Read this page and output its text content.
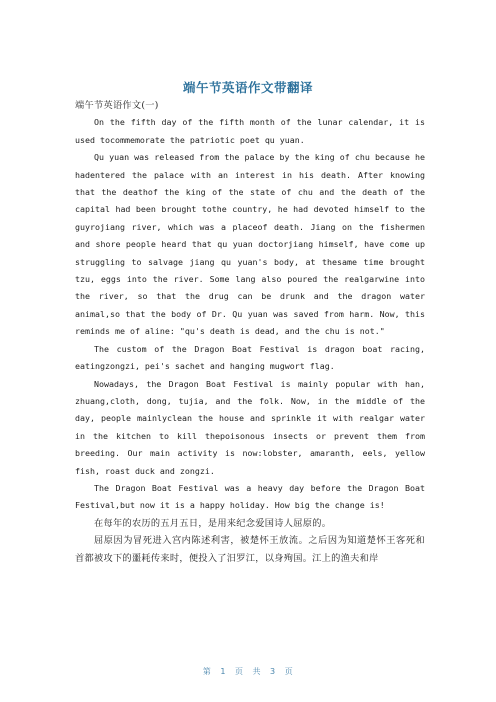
端午节英语作文带翻译

端午节英语作文(一)

On the fifth day of the fifth month of the lunar calendar, it is used tocommemorate the patriotic poet qu yuan.

Qu yuan was released from the palace by the king of chu because he hadentered the palace with an interest in his death. After knowing that the deathof the king of the state of chu and the death of the capital had been brought tothe country, he had devoted himself to the guyrojiang river, which was a placeof death. Jiang on the fishermen and shore people heard that qu yuan doctorjiang himself, have come up struggling to salvage jiang qu yuan's body, at thesame time brought tzu, eggs into the river. Some lang also poured the realgarwine into the river, so that the drug can be drunk and the dragon water animal,so that the body of Dr. Qu yuan was saved from harm. Now, this reminds me of aline: "qu's death is dead, and the chu is not."

The custom of the Dragon Boat Festival is dragon boat racing, eatingzongzi, pei's sachet and hanging mugwort flag.

Nowadays, the Dragon Boat Festival is mainly popular with han, zhuang,cloth, dong, tujia, and the folk. Now, in the middle of the day, people mainlyclean the house and sprinkle it with realgar water in the kitchen to kill thepoisonous insects or prevent them from breeding. Our main activity is now:lobster, amaranth, eels, yellow fish, roast duck and zongzi.

The Dragon Boat Festival was a heavy day before the Dragon Boat Festival,but now it is a happy holiday. How big the change is!

在每年的农历的五月五日，是用来纪念爱国诗人屈原的。

屈原因为冒死进入宫内陈述利害，被楚怀王放流。之后因为知道楚怀王客死和首都被攻下的噩耗传来时，便投入了汨罗江，以身殉国。江上的渔夫和岸

第 1 页 共 3 页
